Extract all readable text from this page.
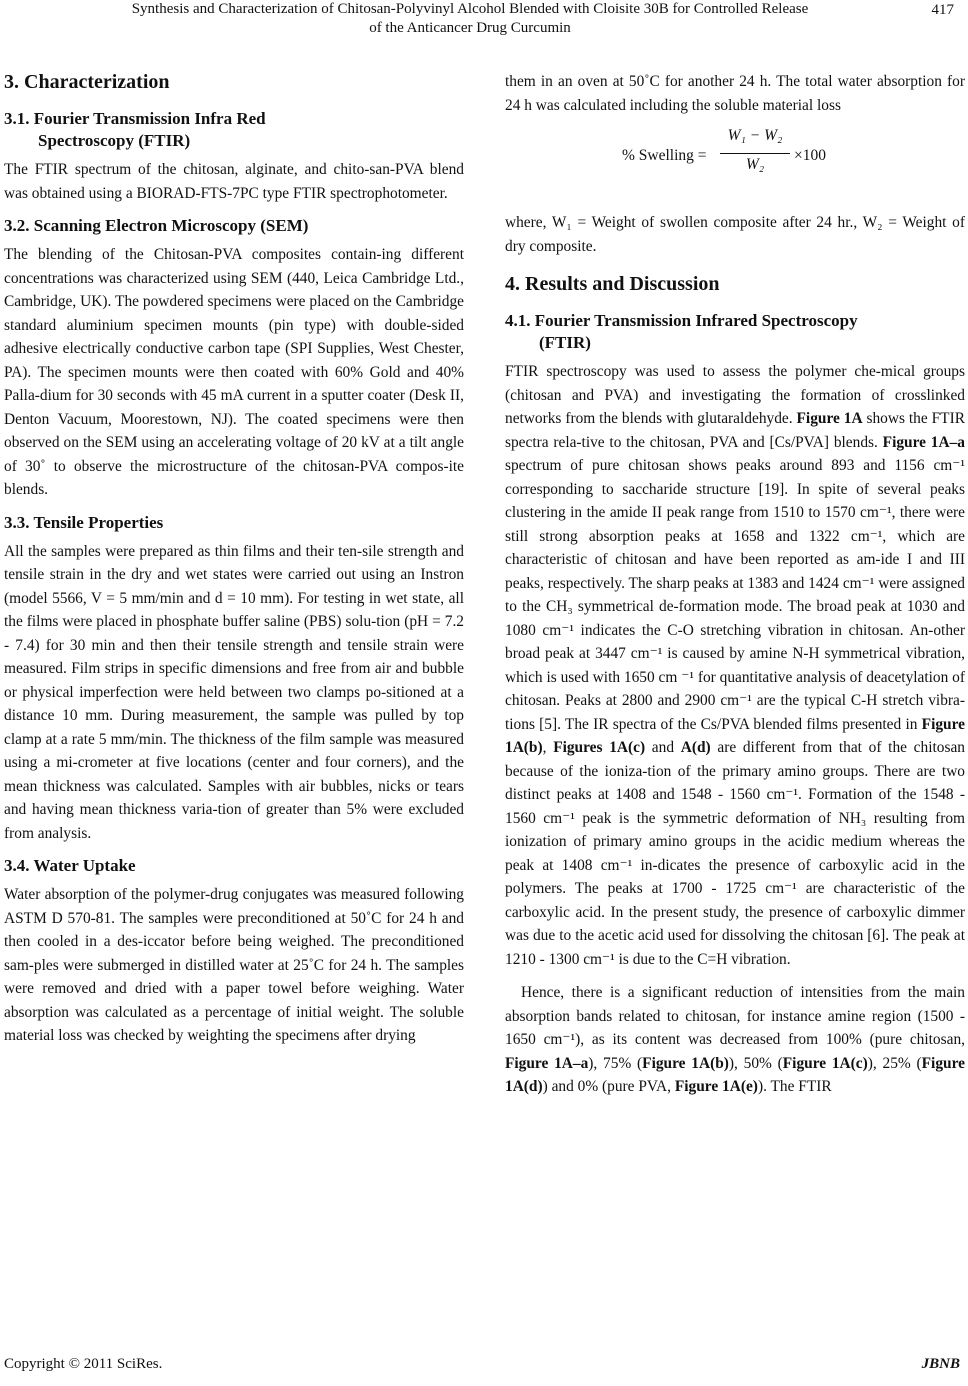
Synthesis and Characterization of Chitosan-Polyvinyl Alcohol Blended with Cloisite 30B for Controlled Release
of the Anticancer Drug Curcumin
417
3. Characterization
3.1. Fourier Transmission Infra Red
Spectroscopy (FTIR)

The FTIR spectrum of the chitosan, alginate, and chito-san-PVA blend was obtained using a BIORAD-FTS-7PC type FTIR spectrophotometer.

3.2. Scanning Electron Microscopy (SEM)

The blending of the Chitosan-PVA composites contain-ing different concentrations was characterized using SEM (440, Leica Cambridge Ltd., Cambridge, UK). The powdered specimens were placed on the Cambridge standard aluminium specimen mounts (pin type) with double-sided adhesive electrically conductive carbon tape (SPI Supplies, West Chester, PA). The specimen mounts were then coated with 60% Gold and 40% Palla-dium for 30 seconds with 45 mA current in a sputter coater (Desk II, Denton Vacuum, Moorestown, NJ). The coated specimens were then observed on the SEM using an accelerating voltage of 20 kV at a tilt angle of 30˚ to observe the microstructure of the chitosan-PVA compos-ite blends.

3.3. Tensile Properties

All the samples were prepared as thin films and their ten-sile strength and tensile strain in the dry and wet states were carried out using an Instron (model 5566, V = 5 mm/min and d = 10 mm). For testing in wet state, all the films were placed in phosphate buffer saline (PBS) solu-tion (pH = 7.2 - 7.4) for 30 min and then their tensile strength and tensile strain were measured. Film strips in specific dimensions and free from air and bubble or physical imperfection were held between two clamps po-sitioned at a distance 10 mm. During measurement, the sample was pulled by top clamp at a rate 5 mm/min. The thickness of the film sample was measured using a mi-crometer at five locations (center and four corners), and the mean thickness was calculated. Samples with air bubbles, nicks or tears and having mean thickness varia-tion of greater than 5% were excluded from analysis.

3.4. Water Uptake

Water absorption of the polymer-drug conjugates was measured following ASTM D 570-81. The samples were preconditioned at 50˚C for 24 h and then cooled in a des-iccator before being weighed. The preconditioned sam-ples were submerged in distilled water at 25˚C for 24 h. The samples were removed and dried with a paper towel before weighing. Water absorption was calculated as a percentage of initial weight. The soluble material loss was checked by weighting the specimens after drying

them in an oven at 50˚C for another 24 h. The total water absorption for 24 h was calculated including the soluble material loss

% Swelling =
W₁ − W₂
W₂
×100

where, W₁ = Weight of swollen composite after 24 hr., W₂ = Weight of dry composite.

4. Results and Discussion
4.1. Fourier Transmission Infrared Spectroscopy
(FTIR)

FTIR spectroscopy was used to assess the polymer che-mical groups (chitosan and PVA) and investigating the formation of crosslinked networks from the blends with glutaraldehyde. Figure 1A shows the FTIR spectra rela-tive to the chitosan, PVA and [Cs/PVA] blends. Figure 1A–a spectrum of pure chitosan shows peaks around 893 and 1156 cm⁻¹ corresponding to saccharide structure [19]. In spite of several peaks clustering in the amide II peak range from 1510 to 1570 cm⁻¹, there were still strong absorption peaks at 1658 and 1322 cm⁻¹, which are characteristic of chitosan and have been reported as am-ide I and III peaks, respectively. The sharp peaks at 1383 and 1424 cm⁻¹ were assigned to the CH₃ symmetrical de-formation mode. The broad peak at 1030 and 1080 cm⁻¹ indicates the C-O stretching vibration in chitosan. An-other broad peak at 3447 cm⁻¹ is caused by amine N-H symmetrical vibration, which is used with 1650 cm ⁻¹ for quantitative analysis of deacetylation of chitosan. Peaks at 2800 and 2900 cm⁻¹ are the typical C-H stretch vibra-tions [5]. The IR spectra of the Cs/PVA blended films presented in Figure 1A(b), Figures 1A(c) and A(d) are different from that of the chitosan because of the ioniza-tion of the primary amino groups. There are two distinct peaks at 1408 and 1548 - 1560 cm⁻¹. Formation of the 1548 - 1560 cm⁻¹ peak is the symmetric deformation of NH₃ resulting from ionization of primary amino groups in the acidic medium whereas the peak at 1408 cm⁻¹ in-dicates the presence of carboxylic acid in the polymers. The peaks at 1700 - 1725 cm⁻¹ are characteristic of the carboxylic acid. In the present study, the presence of carboxylic dimmer was due to the acetic acid used for dissolving the chitosan [6]. The peak at 1210 - 1300 cm⁻¹ is due to the C=H vibration.

Hence, there is a significant reduction of intensities from the main absorption bands related to chitosan, for instance amine region (1500 - 1650 cm⁻¹), as its content was decreased from 100% (pure chitosan, Figure 1A–a), 75% (Figure 1A(b)), 50% (Figure 1A(c)), 25% (Figure 1A(d)) and 0% (pure PVA, Figure 1A(e)). The FTIR

Copyright © 2011 SciRes.	JBNB
